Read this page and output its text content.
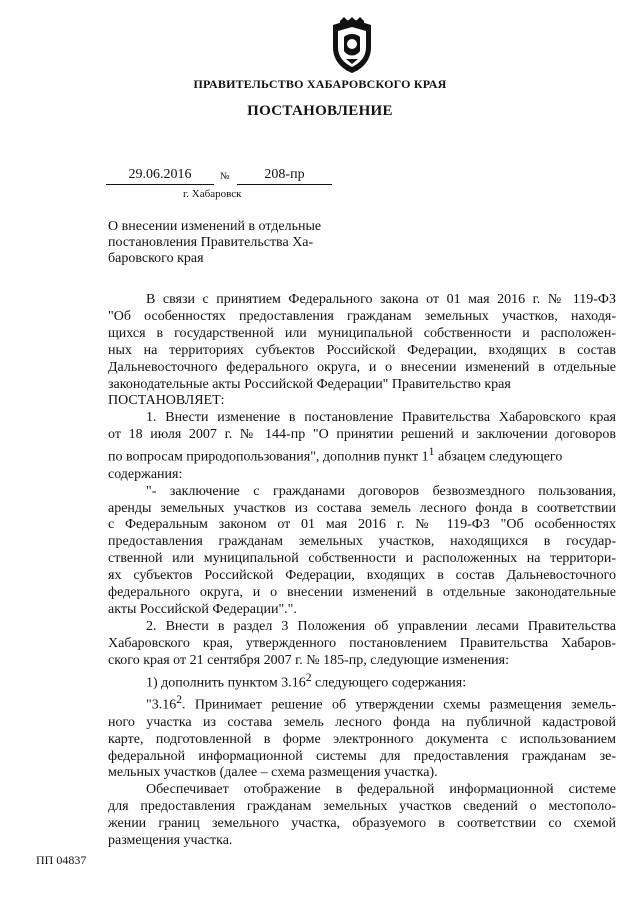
ПРАВИТЕЛЬСТВО ХАБАРОВСКОГО КРАЯ
ПОСТАНОВЛЕНИЕ
29.06.2016	№	208-пр
г. Хабаровск
О внесении изменений в отдельные
постановления Правительства Ха-
баровского края
В связи с принятием Федерального закона от 01 мая 2016 г. № 119-ФЗ
"Об особенностях предоставления гражданам земельных участков, находя-
щихся в государственной или муниципальной собственности и расположен-
ных на территориях субъектов Российской Федерации, входящих в состав
Дальневосточного федерального округа, и о внесении изменений в отдельные
законодательные акты Российской Федерации" Правительство края
ПОСТАНОВЛЯЕТ:
1. Внести изменение в постановление Правительства Хабаровского края
от 18 июля 2007 г. № 144-пр "О принятии решений и заключении договоров
по вопросам природопользования", дополнив пункт $1^1$ абзацем следующего
содержания:
"- заключение с гражданами договоров безвозмездного пользования,
аренды земельных участков из состава земель лесного фонда в соответствии
с Федеральным законом от 01 мая 2016 г. № 119-ФЗ "Об особенностях
предоставления гражданам земельных участков, находящихся в государ-
ственной или муниципальной собственности и расположенных на территори-
ях субъектов Российской Федерации, входящих в состав Дальневосточного
федерального округа, и о внесении изменений в отдельные законодательные
акты Российской Федерации".".
2. Внести в раздел 3 Положения об управлении лесами Правительства
Хабаровского края, утвержденного постановлением Правительства Хабаров-
ского края от 21 сентября 2007 г. № 185-пр, следующие изменения:
1) дополнить пунктом 3.16$^2$ следующего содержания:
"3.16$^2$. Принимает решение об утверждении схемы размещения земель-
ного участка из состава земель лесного фонда на публичной кадастровой
карте, подготовленной в форме электронного документа с использованием
федеральной информационной системы для предоставления гражданам зе-
мельных участков (далее – схема размещения участка).
Обеспечивает отображение в федеральной информационной системе
для предоставления гражданам земельных участков сведений о местополо-
жении границ земельного участка, образуемого в соответствии со схемой
размещения участка.
ПП 04837
